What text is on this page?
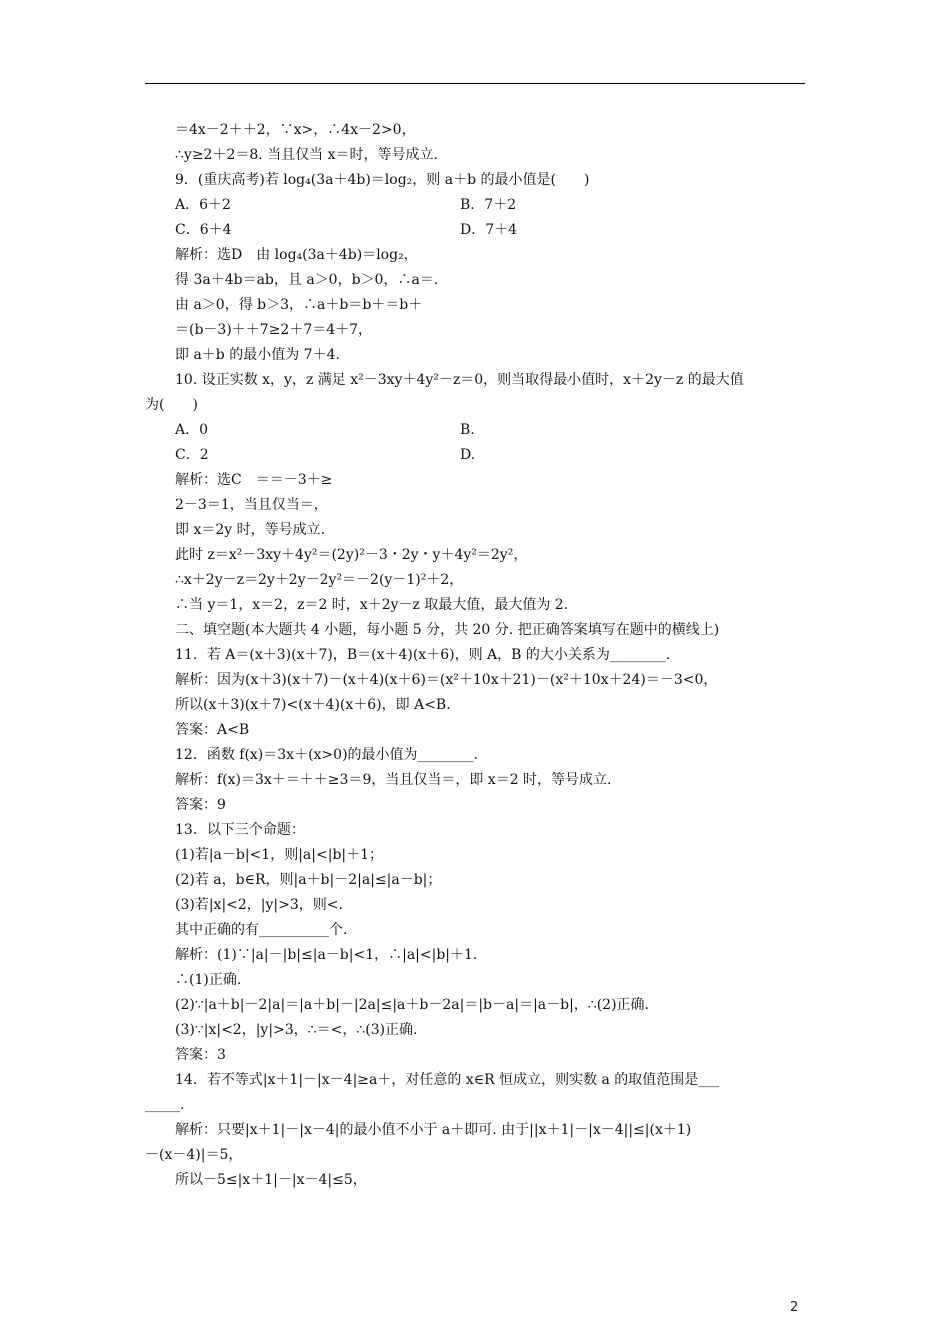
＝4x－2＋＋2，∵x>，∴4x－2>0，
∴y≥2＋2＝8. 当且仅当 x＝时，等号成立.
9．(重庆高考)若 log₄(3a＋4b)＝log₂，则 a＋b 的最小值是(　　)
A．6＋2	B．7＋2
C．6＋4	D．7＋4
解析：选D　由 log₄(3a＋4b)＝log₂，
得 3a＋4b＝ab，且 a＞0，b＞0，∴a＝.
由 a＞0，得 b＞3，∴a＋b＝b＋＝b＋
＝(b－3)＋＋7≥2＋7＝4＋7，
即 a＋b 的最小值为 7＋4.
10. 设正实数 x，y，z 满足 x²－3xy＋4y²－z＝0，则当取得最小值时，x＋2y－z 的最大值
为(　　)
A．0	B.
C．2	D.
解析：选C　＝＝－3＋≥
2－3＝1，当且仅当＝，
即 x＝2y 时，等号成立.
此时 z＝x²－3xy＋4y²＝(2y)²－3・2y・y＋4y²＝2y²，
∴x＋2y－z＝2y＋2y－2y²＝－2(y－1)²＋2，
∴当 y＝1，x＝2，z＝2 时，x＋2y－z 取最大值，最大值为 2.
二、填空题(本大题共 4 小题，每小题 5 分，共 20 分. 把正确答案填写在题中的横线上)
11．若 A＝(x＋3)(x＋7)，B＝(x＋4)(x＋6)，则 A，B 的大小关系为________.
解析：因为(x＋3)(x＋7)－(x＋4)(x＋6)＝(x²＋10x＋21)－(x²＋10x＋24)＝－3<0，
所以(x＋3)(x＋7)<(x＋4)(x＋6)，即 A<B.
答案：A<B
12．函数 f(x)＝3x＋(x>0)的最小值为________.
解析：f(x)＝3x＋＝＋＋≥3＝9，当且仅当＝，即 x＝2 时，等号成立.
答案：9
13．以下三个命题：
(1)若|a－b|<1，则|a|<|b|＋1；
(2)若 a，b∈R，则|a＋b|－2|a|≤|a－b|；
(3)若|x|<2，|y|>3，则<.
其中正确的有__________个.
解析：(1)∵|a|－|b|≤|a－b|<1，∴|a|<|b|＋1.
∴(1)正确.
(2)∵|a＋b|－2|a|＝|a＋b|－|2a|≤|a＋b－2a|＝|b－a|＝|a－b|，∴(2)正确.
(3)∵|x|<2，|y|>3，∴＝<，∴(3)正确.
答案：3
14．若不等式|x＋1|－|x－4|≥a＋，对任意的 x∈R 恒成立，则实数 a 的取值范围是___
_____.
解析：只要|x＋1|－|x－4|的最小值不小于 a＋即可. 由于||x＋1|－|x－4||≤|(x＋1)
－(x－4)|＝5，
所以－5≤|x＋1|－|x－4|≤5，
2
